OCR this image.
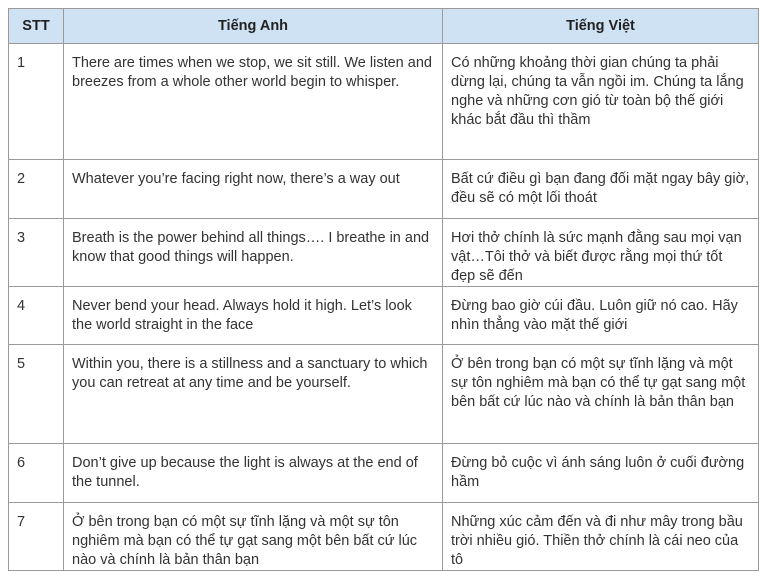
STT	Tiếng Anh	Tiếng Việt
1	There are times when we stop, we sit still. We listen and breezes from a whole other world begin to whisper.	Có những khoảng thời gian chúng ta phải dừng lại, chúng ta vẫn ngồi im. Chúng ta lắng nghe và những cơn gió từ toàn bộ thế giới khác bắt đầu thì thầm
2	Whatever you’re facing right now, there’s a way out	Bất cứ điều gì bạn đang đối mặt ngay bây giờ, đều sẽ có một lối thoát
3	Breath is the power behind all things…. I breathe in and know that good things will happen.	Hơi thở chính là sức mạnh đằng sau mọi vạn vật…Tôi thở và biết được rằng mọi thứ tốt đẹp sẽ đến
4	Never bend your head. Always hold it high. Let’s look the world straight in the face	Đừng bao giờ cúi đầu. Luôn giữ nó cao. Hãy nhìn thẳng vào mặt thế giới
5	Within you, there is a stillness and a sanctuary to which you can retreat at any time and be yourself.	Ở bên trong bạn có một sự tĩnh lặng và một sự tôn nghiêm mà bạn có thể tự gạt sang một bên bất cứ lúc nào và chính là bản thân bạn
6	Don’t give up because the light is always at the end of the tunnel.	Đừng bỏ cuộc vì ánh sáng luôn ở cuối đường hầm
7	Ở bên trong bạn có một sự tĩnh lặng và một sự tôn nghiêm mà bạn có thể tự gạt sang một bên bất cứ lúc nào và chính là bản thân bạn	Những xúc cảm đến và đi như mây trong bầu trời nhiều gió. Thiền thở chính là cái neo của tô
